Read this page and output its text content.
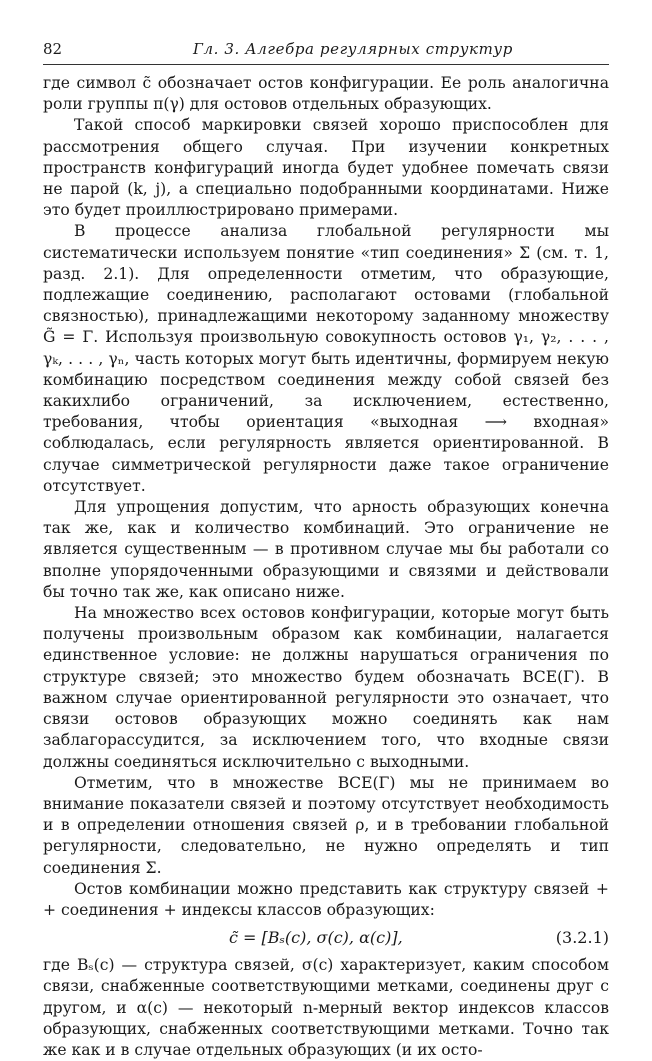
82	Гл. 3. Алгебра регулярных структур

где символ c̃ обозначает остов конфигурации. Ее роль аналогична роли группы π(γ) для остовов отдельных образующих.

Такой способ маркировки связей хорошо приспособлен для рассмотрения общего случая. При изучении конкретных пространств конфигураций иногда будет удобнее помечать связи не парой (k, j), а специально подобранными координатами. Ниже это будет проиллюстрировано примерами.

В процессе анализа глобальной регулярности мы систематически используем понятие «тип соединения» Σ (см. т. 1, разд. 2.1). Для определенности отметим, что образующие, подлежащие соединению, располагают остовами (глобальной связностью), принадлежащими некоторому заданному множеству G̃ = Γ. Используя произвольную совокупность остовов γ₁, γ₂, . . . , γₖ, . . . , γₙ, часть которых могут быть идентичны, формируем некую комбинацию посредством соединения между собой связей без какихлибо ограничений, за исключением, естественно, требования, чтобы ориентация «выходная ⟶ входная» соблюдалась, если регулярность является ориентированной. В случае симметрической регулярности даже такое ограничение отсутствует.

Для упрощения допустим, что арность образующих конечна так же, как и количество комбинаций. Это ограничение не является существенным — в противном случае мы бы работали со вполне упорядоченными образующими и связями и действовали бы точно так же, как описано ниже.

На множество всех остовов конфигурации, которые могут быть получены произвольным образом как комбинации, налагается единственное условие: не должны нарушаться ограничения по структуре связей; это множество будем обозначать ВСЕ(Γ). В важном случае ориентированной регулярности это означает, что связи остовов образующих можно соединять как нам заблагорассудится, за исключением того, что входные связи должны соединяться исключительно с выходными.

Отметим, что в множестве ВСЕ(Γ) мы не принимаем во внимание показатели связей и поэтому отсутствует необходимость и в определении отношения связей ρ, и в требовании глобальной регулярности, следовательно, не нужно определять и тип соединения Σ.

Остов комбинации можно представить как структуру связей + + соединения + индексы классов образующих:

c̃ = [Bₛ(c), σ(c), α(c)],	(3.2.1)

где Bₛ(c) — структура связей, σ(c) характеризует, каким способом связи, снабженные соответствующими метками, соединены друг с другом, и α(c) — некоторый n-мерный вектор индексов классов образующих, снабженных соответствующими метками. Точно так же как и в случае отдельных образующих (и их осто-
